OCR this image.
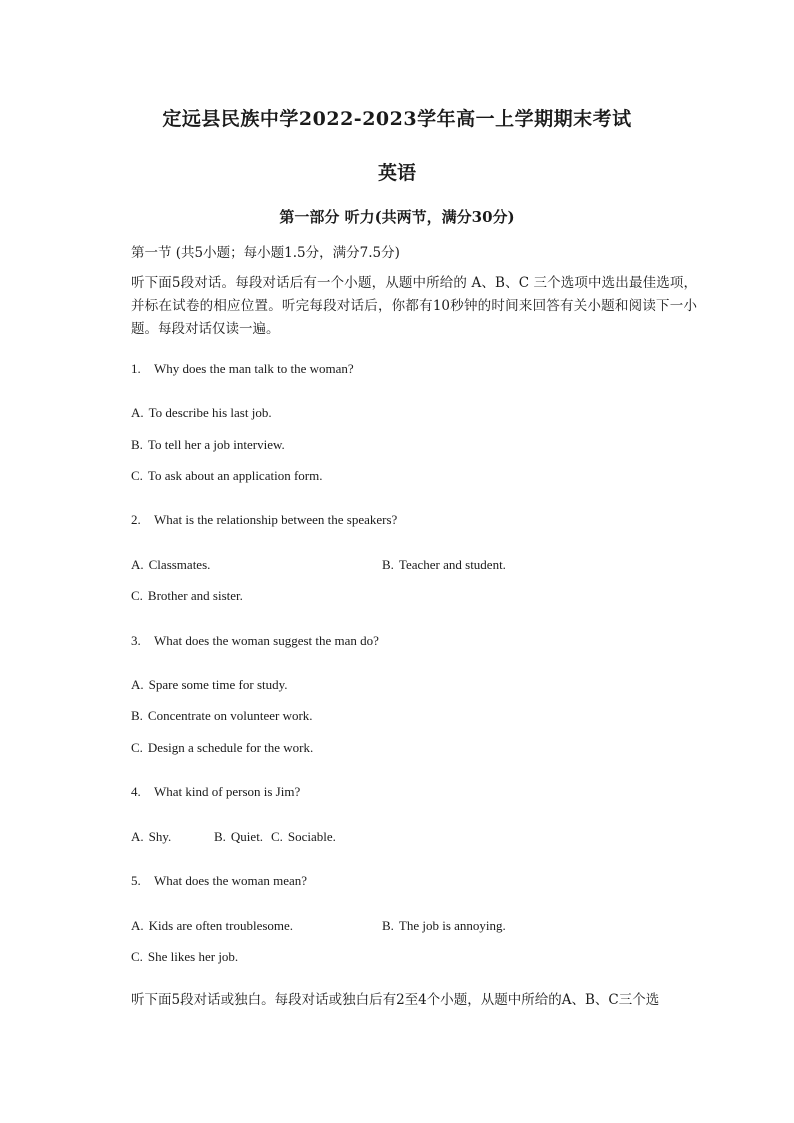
定远县民族中学2022-2023学年高一上学期期末考试
英语
第一部分 听力(共两节，满分30分)
第一节 (共5小题；每小题1.5分，满分7.5分)
听下面5段对话。每段对话后有一个小题，从题中所给的 A、B、C 三个选项中选出最佳选项，并标在试卷的相应位置。听完每段对话后，你都有10秒钟的时间来回答有关小题和阅读下一小题。每段对话仅读一遍。
1. Why does the man talk to the woman?
A. To describe his last job.
B. To tell her a job interview.
C. To ask about an application form.
2. What is the relationship between the speakers?
A. Classmates.	B. Teacher and student.
C. Brother and sister.
3. What does the woman suggest the man do?
A. Spare some time for study.
B. Concentrate on volunteer work.
C. Design a schedule for the work.
4. What kind of person is Jim?
A. Shy.	B. Quiet. C. Sociable.
5. What does the woman mean?
A. Kids are often troublesome.	B. The job is annoying.
C. She likes her job.
听下面5段对话或独白。每段对话或独白后有2至4个小题，从题中所给的A、B、C三个选
